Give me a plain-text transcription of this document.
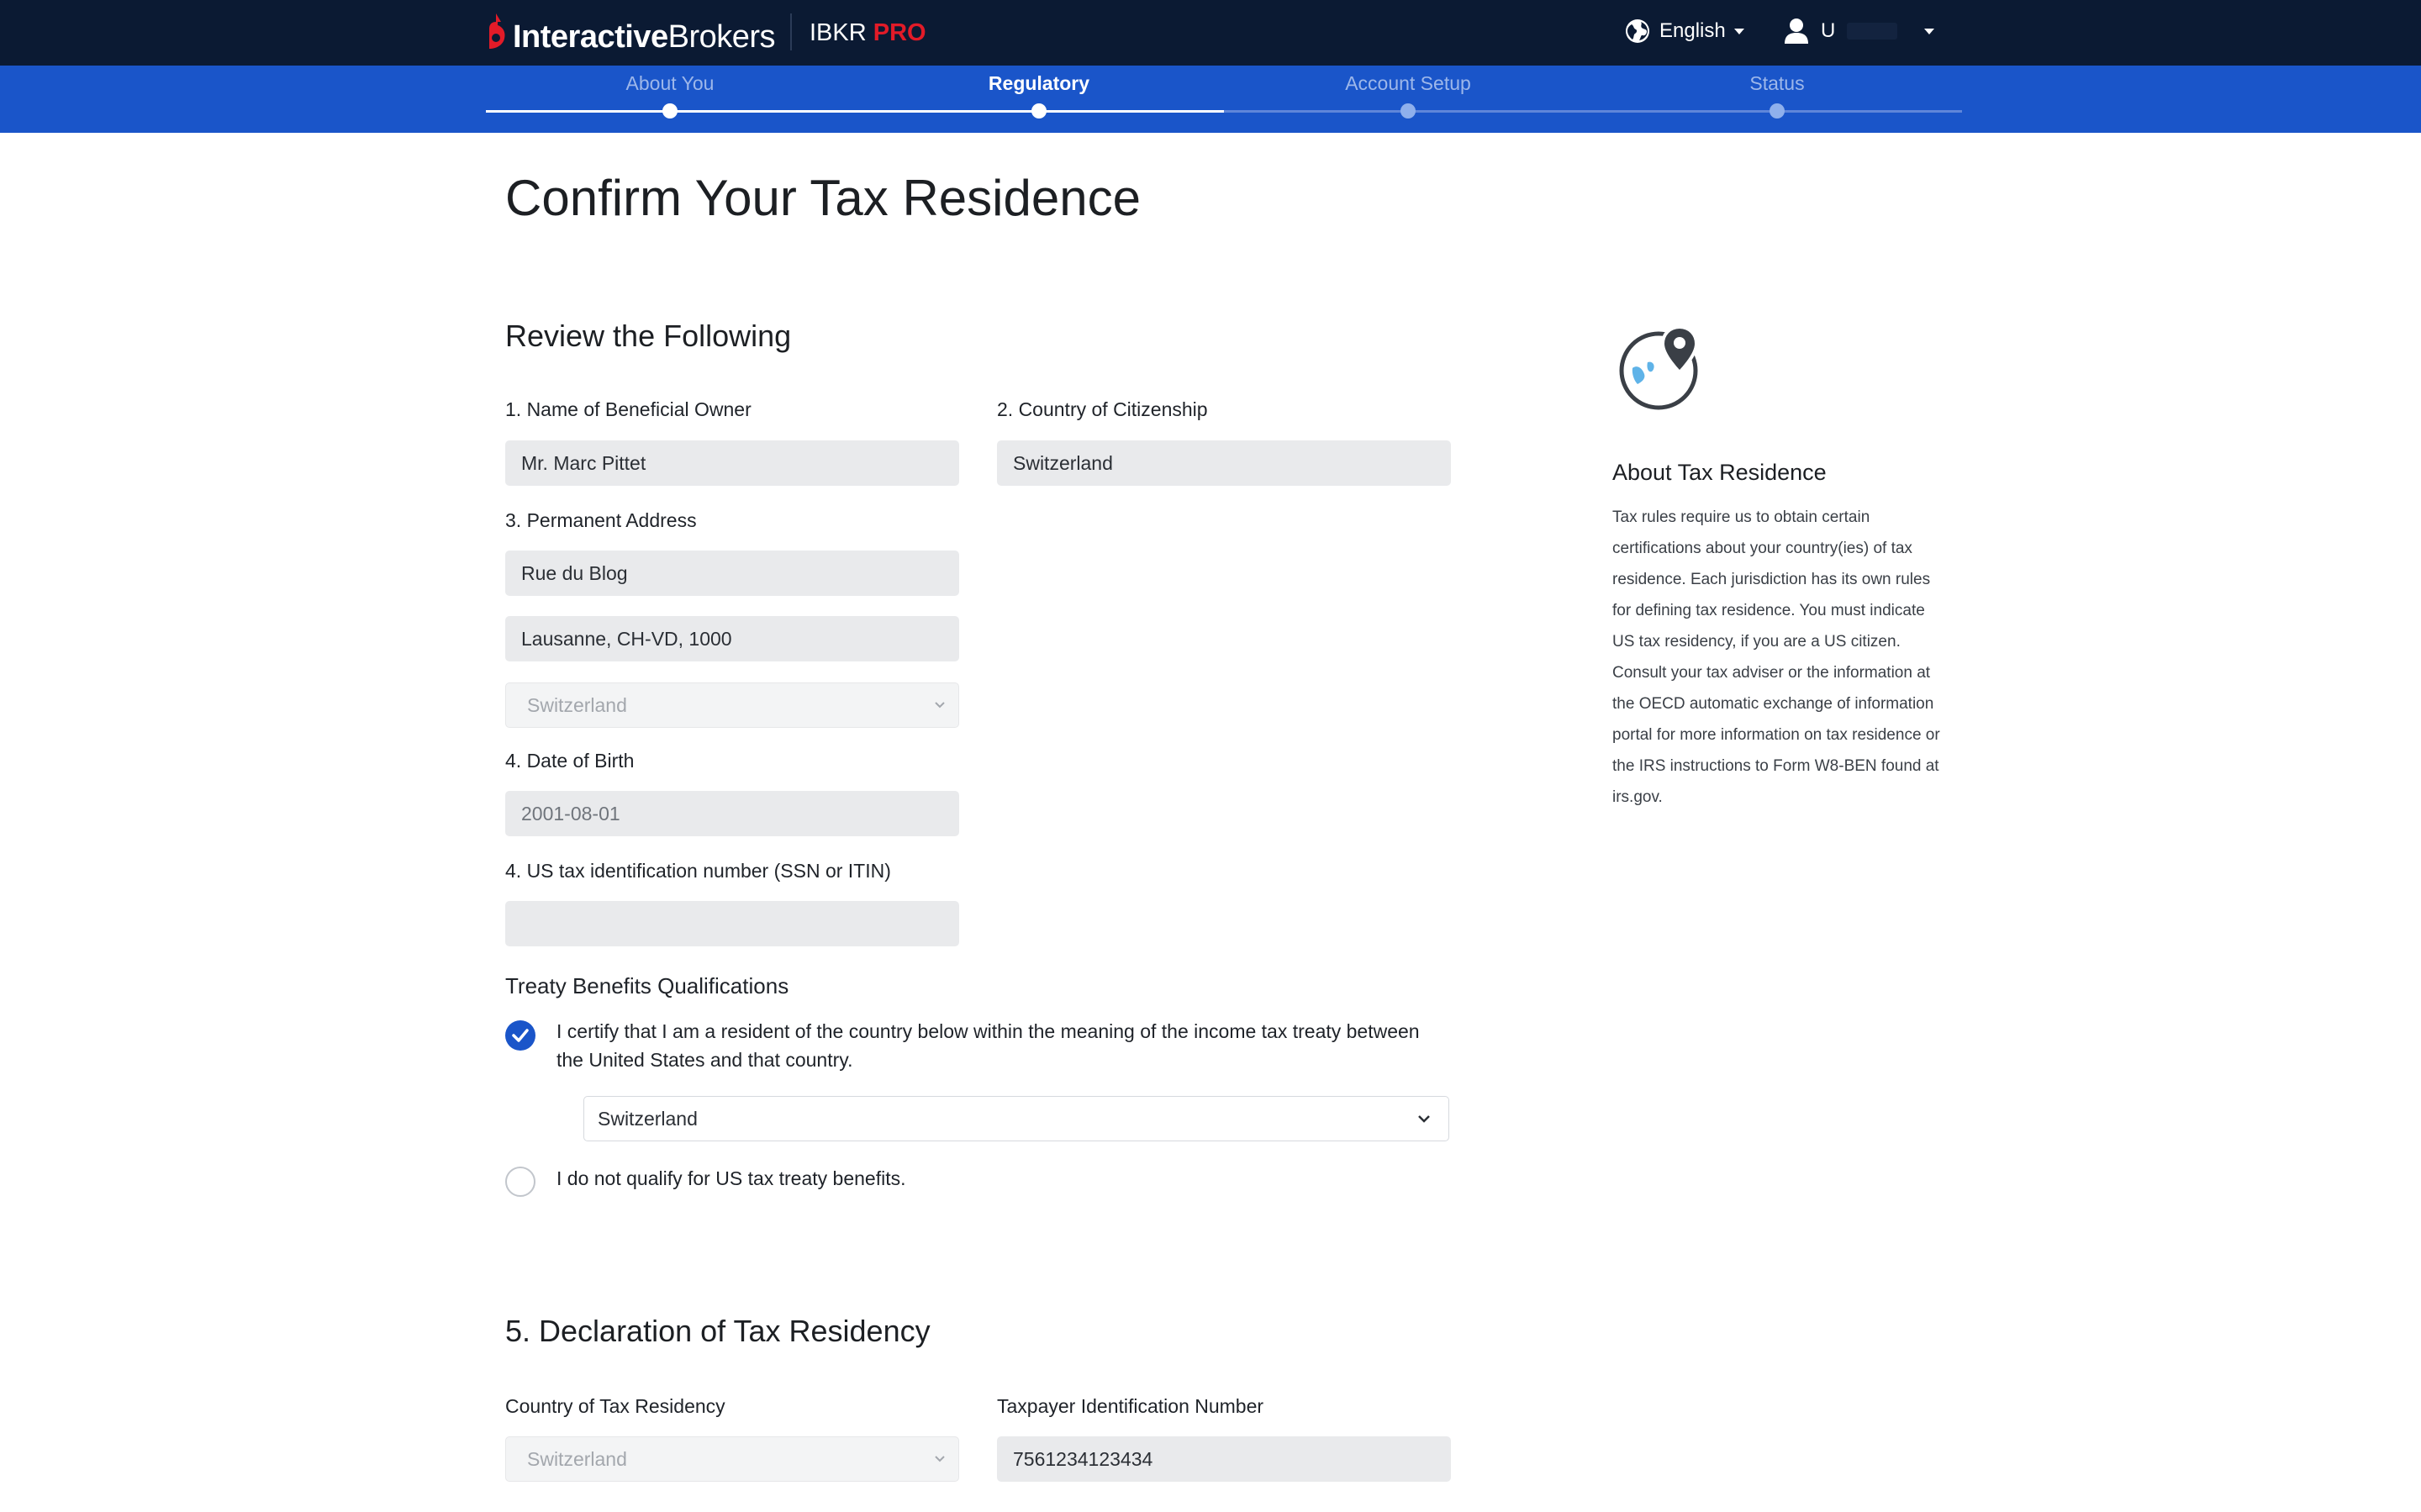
InteractiveBrokers IBKR PRO	English	U
About You	Regulatory	Account Setup	Status
Confirm Your Tax Residence
Review the Following
1. Name of Beneficial Owner
Mr. Marc Pittet
2. Country of Citizenship
Switzerland
3. Permanent Address
Rue du Blog
Lausanne, CH-VD, 1000
Switzerland
4. Date of Birth
2001-08-01
4. US tax identification number (SSN or ITIN)
Treaty Benefits Qualifications
I certify that I am a resident of the country below within the meaning of the income tax treaty between the United States and that country.
Switzerland
I do not qualify for US tax treaty benefits.
5. Declaration of Tax Residency
Country of Tax Residency
Switzerland
Taxpayer Identification Number
7561234123434
About Tax Residence
Tax rules require us to obtain certain certifications about your country(ies) of tax residence. Each jurisdiction has its own rules for defining tax residence. You must indicate US tax residency, if you are a US citizen. Consult your tax adviser or the information at the OECD automatic exchange of information portal for more information on tax residence or the IRS instructions to Form W8-BEN found at irs.gov.
